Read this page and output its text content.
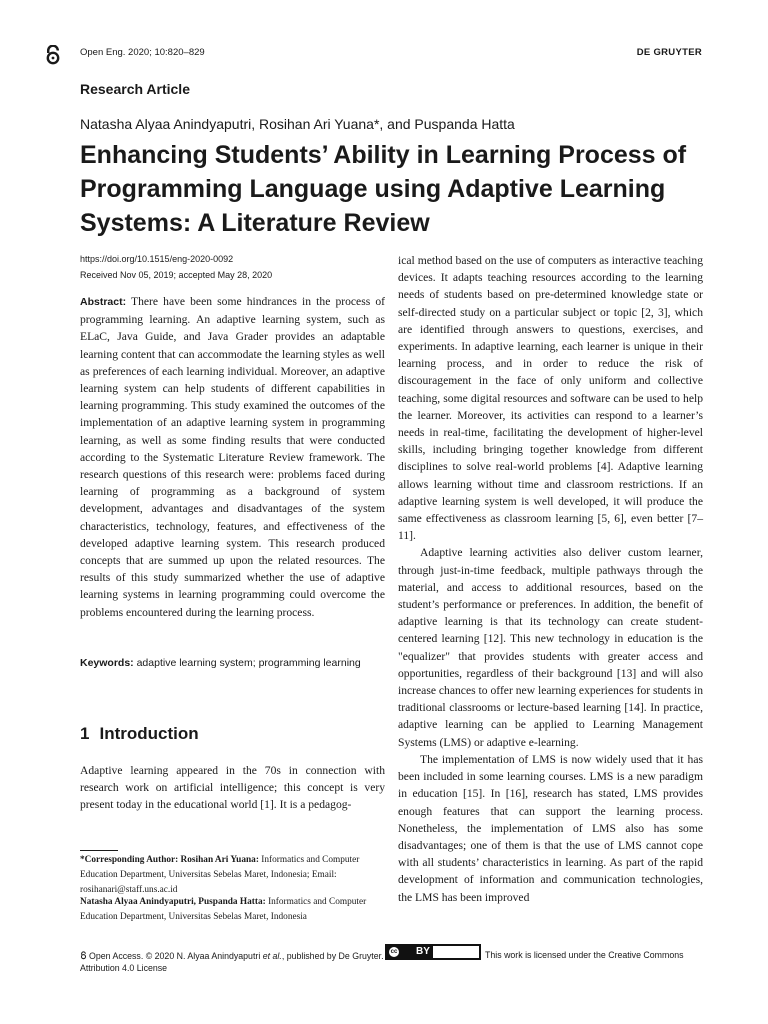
Open Eng. 2020; 10:820–829	DE GRUYTER
Research Article
Natasha Alyaa Anindyaputri, Rosihan Ari Yuana*, and Puspanda Hatta
Enhancing Students’ Ability in Learning Process of Programming Language using Adaptive Learning Systems: A Literature Review
https://doi.org/10.1515/eng-2020-0092
Received Nov 05, 2019; accepted May 28, 2020
Abstract: There have been some hindrances in the process of programming learning. An adaptive learning system, such as ELaC, Java Guide, and Java Grader provides an adaptable learning content that can accommodate the learning styles as well as preferences of each learning individual. Moreover, an adaptive learning system can help students of different capabilities in learning programming. This study examined the outcomes of the implementation of an adaptive learning system in programming learning, as well as some finding results that were conducted according to the Systematic Literature Review framework. The research questions of this research were: problems faced during learning of programming as a background of system development, advantages and disadvantages of the system characteristics, technology, features, and effectiveness of the developed adaptive learning system. This research produced concepts that are summed up upon the related resources. The results of this study summarized whether the use of adaptive learning systems in learning programming could overcome the problems encountered during the learning process.
Keywords: adaptive learning system; programming learning
1 Introduction
Adaptive learning appeared in the 70s in connection with research work on artificial intelligence; this concept is very present today in the educational world [1]. It is a pedagog-
*Corresponding Author: Rosihan Ari Yuana: Informatics and Computer Education Department, Universitas Sebelas Maret, Indonesia; Email: rosihanari@staff.uns.ac.id
Natasha Alyaa Anindyaputri, Puspanda Hatta: Informatics and Computer Education Department, Universitas Sebelas Maret, Indonesia

ical method based on the use of computers as interactive teaching devices. It adapts teaching resources according to the learning needs of students based on pre-determined knowledge state or self-directed study on a particular subject or topic [2, 3], which are identified through answers to questions, exercises, and experiments. In adaptive learning, each learner is unique in their learning process, and in order to reduce the risk of discouragement in the face of only uniform and collective teaching, some digital resources and software can be used to help the learner. Moreover, its activities can respond to a learner’s needs in real-time, facilitating the development of higher-level skills, including bringing together knowledge from different disciplines to solve real-world problems [4]. Adaptive learning allows learning without time and classroom restrictions. If an adaptive learning system is well developed, it will produce the same effectiveness as classroom learning [5, 6], even better [7–11].

Adaptive learning activities also deliver custom learner, through just-in-time feedback, multiple pathways through the material, and access to additional resources, based on the student’s performance or preferences. In addition, the benefit of adaptive learning is that its technology can create student-centered learning [12]. This new technology in education is the "equalizer" that provides students with greater access and opportunities, regardless of their background [13] and will also increase chances to offer new learning experiences for students in traditional classrooms or lecture-based learning [14]. In practice, adaptive learning can be applied to Learning Management Systems (LMS) or adaptive e-learning.

The implementation of LMS is now widely used that it has been included in some learning courses. LMS is a new paradigm in education [15]. In [16], research has stated, LMS provides enough features that can support the learning process. Nonetheless, the implementation of LMS also has some disadvantages; one of them is that the use of LMS cannot cope with all students’ characteristics in learning. As part of the rapid development of information and communication technologies, the LMS has been improved

Open Access. © 2020 N. Alyaa Anindyaputri et al., published by De Gruyter.
Attribution 4.0 License
cc BY	This work is licensed under the Creative Commons
